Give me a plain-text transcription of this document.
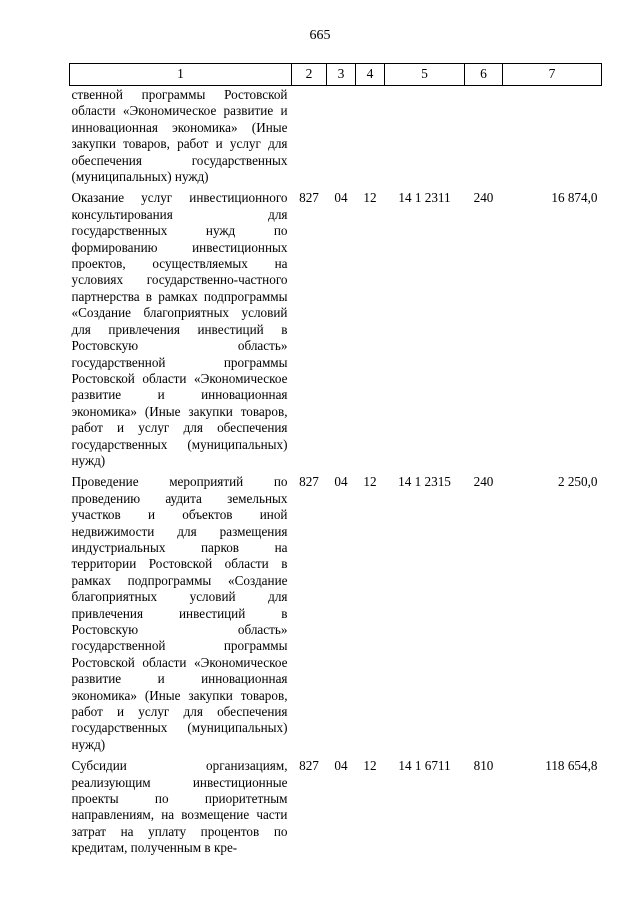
665
1	2	3	4	5	6	7
ственной программы Ростовской области «Экономическое развитие и инновационная экономика» (Иные закупки товаров, работ и услуг для обеспечения государственных (муниципальных) нужд)						
Оказание услуг инвестиционного консультирования для государственных нужд по формированию инвестиционных проектов, осуществляемых на условиях государственно-частного партнерства в рамках подпрограммы «Создание благоприятных условий для привлечения инвестиций в Ростовскую область» государственной программы Ростовской области «Экономическое развитие и инновационная экономика» (Иные закупки товаров, работ и услуг для обеспечения государственных (муниципальных) нужд)	827	04	12	14 1 2311	240	16 874,0
Проведение мероприятий по проведению аудита земельных участков и объектов иной недвижимости для размещения индустриальных парков на территории Ростовской области в рамках подпрограммы «Создание благоприятных условий для привлечения инвестиций в Ростовскую область» государственной программы Ростовской области «Экономическое развитие и инновационная экономика» (Иные закупки товаров, работ и услуг для обеспечения государственных (муниципальных) нужд)	827	04	12	14 1 2315	240	2 250,0
Субсидии организациям, реализующим инвестиционные проекты по приоритетным направлениям, на возмещение части затрат на уплату процентов по кредитам, полученным в кре-	827	04	12	14 1 6711	810	118 654,8
